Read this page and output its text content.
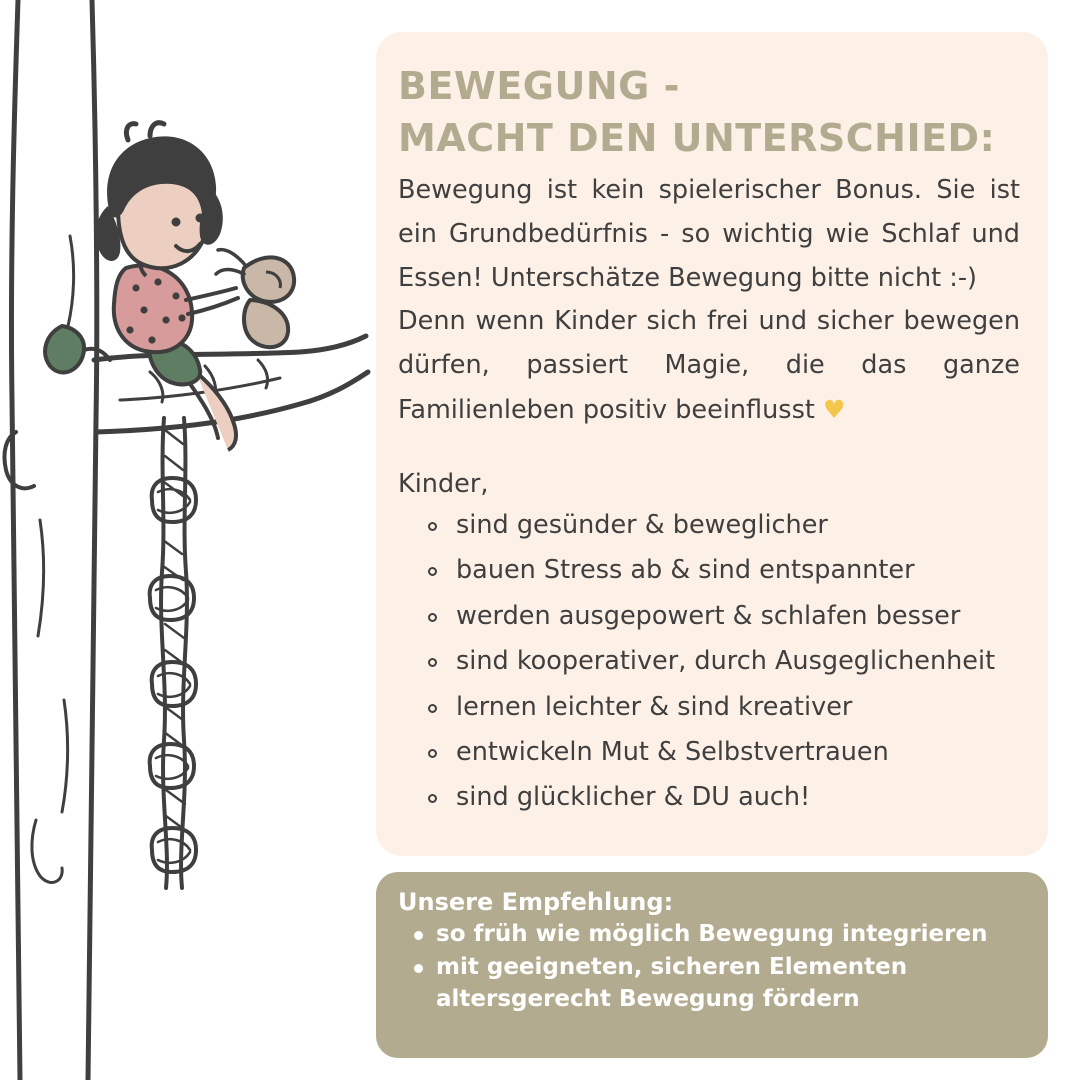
BEWEGUNG -
MACHT DEN UNTERSCHIED:

Bewegung ist kein spielerischer Bonus. Sie ist ein Grundbedürfnis - so wichtig wie Schlaf und Essen! Unterschätze Bewegung bitte nicht :-)

Denn wenn Kinder sich frei und sicher bewegen dürfen, passiert Magie, die das ganze Familienleben positiv beeinflusst ♥

Kinder,
sind gesünder & beweglicher
bauen Stress ab & sind entspannter
werden ausgepowert & schlafen besser
sind kooperativer, durch Ausgeglichenheit
lernen leichter & sind kreativer
entwickeln Mut & Selbstvertrauen
sind glücklicher & DU auch!
Unsere Empfehlung:
so früh wie möglich Bewegung integrieren
mit geeigneten, sicheren Elementen
altersgerecht Bewegung fördern
